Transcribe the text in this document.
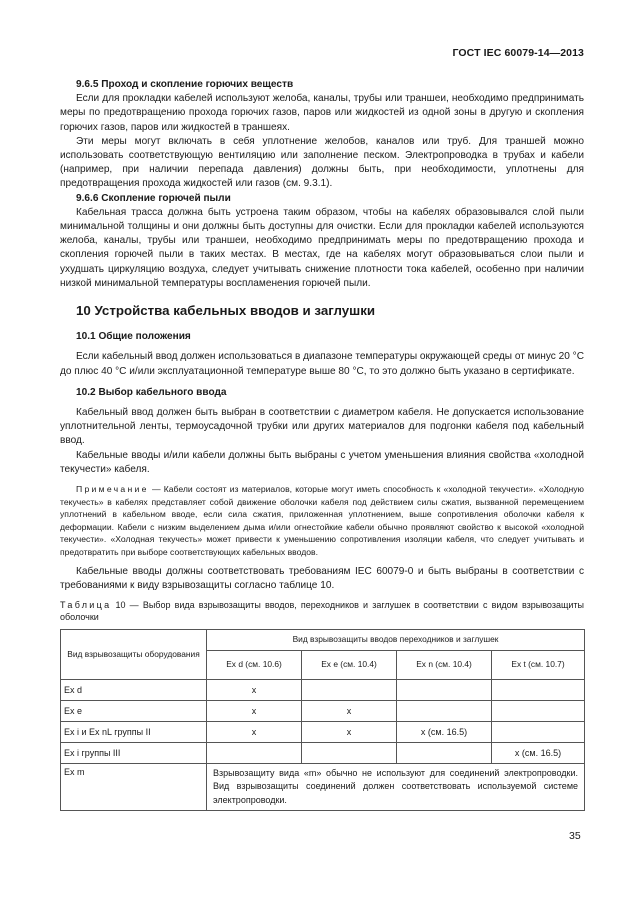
ГОСТ IEC 60079-14—2013

9.6.5 Проход и скопление горючих веществ

Если для прокладки кабелей используют желоба, каналы, трубы или траншеи, необходимо предпринимать меры по предотвращению прохода горючих газов, паров или жидкостей из одной зоны в другую и скопления горючих газов, паров или жидкостей в траншеях.

Эти меры могут включать в себя уплотнение желобов, каналов или труб. Для траншей можно использовать соответствующую вентиляцию или заполнение песком. Электропроводка в трубах и кабели (например, при наличии перепада давления) должны быть, при необходимости, уплотнены для предотвращения прохода жидкостей или газов (см. 9.3.1).

9.6.6 Скопление горючей пыли

Кабельная трасса должна быть устроена таким образом, чтобы на кабелях образовывался слой пыли минимальной толщины и они должны быть доступны для очистки. Если для прокладки кабелей используются желоба, каналы, трубы или траншеи, необходимо предпринимать меры по предотвращению прохода и скопления горючей пыли в таких местах. В местах, где на кабелях могут образовываться слои пыли и ухудшать циркуляцию воздуха, следует учитывать снижение плотности тока кабелей, особенно при наличии низкой минимальной температуры воспламенения горючей пыли.

10 Устройства кабельных вводов и заглушки

10.1 Общие положения

Если кабельный ввод должен использоваться в диапазоне температуры окружающей среды от минус 20 °С до плюс 40 °С и/или эксплуатационной температуре выше 80 °С, то это должно быть указано в сертификате.

10.2 Выбор кабельного ввода

Кабельный ввод должен быть выбран в соответствии с диаметром кабеля. Не допускается использование уплотнительной ленты, термоусадочной трубки или других материалов для подгонки кабеля под кабельный ввод.

Кабельные вводы и/или кабели должны быть выбраны с учетом уменьшения влияния свойства «холодной текучести» кабеля.

Примечание — Кабели состоят из материалов, которые могут иметь способность к «холодной текучести». «Холодную текучесть» в кабелях представляет собой движение оболочки кабеля под действием силы сжатия, вызванной перемещением уплотнений в кабельном вводе, если сила сжатия, приложенная уплотнением, выше сопротивления оболочки кабеля к деформации. Кабели с низким выделением дыма и/или огнестойкие кабели обычно проявляют свойство к высокой «холодной текучести». «Холодная текучесть» может привести к уменьшению сопротивления изоляции кабеля, что следует учитывать и предотвратить при выборе соответствующих кабельных вводов.

Кабельные вводы должны соответствовать требованиям IEC 60079-0 и быть выбраны в соответствии с требованиями к виду взрывозащиты согласно таблице 10.

Таблица 10 — Выбор вида взрывозащиты вводов, переходников и заглушек в соответствии с видом взрывозащиты оболочки

Вид взрывозащиты оборудования	Вид взрывозащиты вводов переходников и заглушек			
	Ex d (см. 10.6)	Ex e (см. 10.4)	Ex n (см. 10.4)	Ex t (см. 10.7)
Ex d	x			
Ex e	x	x		
Ex i и Ex nL группы II	x	x	x (см. 16.5)	
Ex i группы III				x (см. 16.5)
Ex m	Взрывозащиту вида «m» обычно не используют для соединений электропроводки. Вид взрывозащиты соединений должен соответствовать используемой системе электропроводки.			
35
